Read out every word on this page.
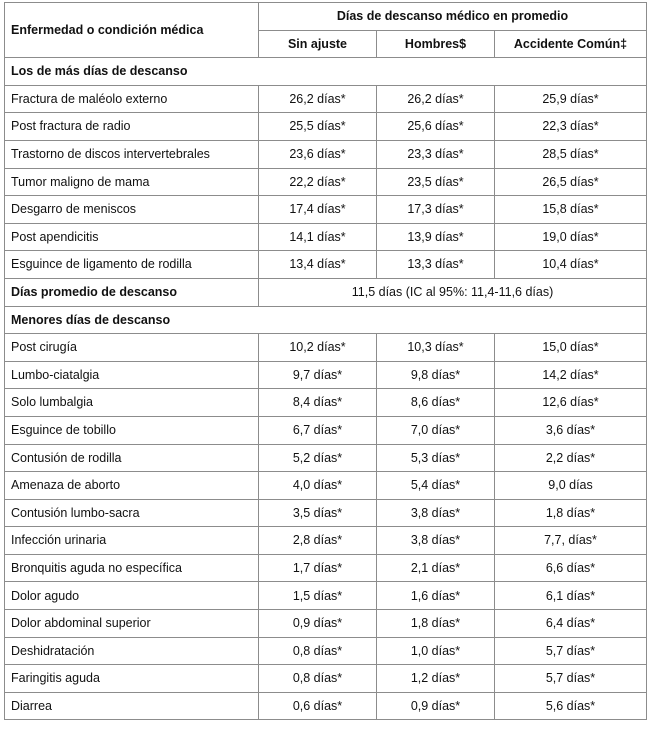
Enfermedad o condición médica	Días de descanso médico en promedio		
	Sin ajuste	Hombres$	Accidente Común‡
Los de más días de descanso			
Fractura de maléolo externo	26,2 días*	26,2 días*	25,9 días*
Post fractura de radio	25,5 días*	25,6 días*	22,3 días*
Trastorno de discos intervertebrales	23,6 días*	23,3 días*	28,5 días*
Tumor maligno de mama	22,2 días*	23,5 días*	26,5 días*
Desgarro de meniscos	17,4 días*	17,3 días*	15,8 días*
Post apendicitis	14,1 días*	13,9 días*	19,0 días*
Esguince de ligamento de rodilla	13,4 días*	13,3 días*	10,4 días*
Días promedio de descanso	11,5 días (IC al 95%: 11,4-11,6 días)		
Menores días de descanso			
Post cirugía	10,2 días*	10,3 días*	15,0 días*
Lumbo-ciatalgia	9,7 días*	9,8 días*	14,2 días*
Solo lumbalgia	8,4 días*	8,6 días*	12,6 días*
Esguince de tobillo	6,7 días*	7,0 días*	3,6 días*
Contusión de rodilla	5,2 días*	5,3 días*	2,2 días*
Amenaza de aborto	4,0 días*	5,4 días*	9,0 días
Contusión lumbo-sacra	3,5 días*	3,8 días*	1,8 días*
Infección urinaria	2,8 días*	3,8 días*	7,7, días*
Bronquitis aguda no específica	1,7 días*	2,1 días*	6,6 días*
Dolor agudo	1,5 días*	1,6 días*	6,1 días*
Dolor abdominal superior	0,9 días*	1,8 días*	6,4 días*
Deshidratación	0,8 días*	1,0 días*	5,7 días*
Faringitis aguda	0,8 días*	1,2 días*	5,7 días*
Diarrea	0,6 días*	0,9 días*	5,6 días*
